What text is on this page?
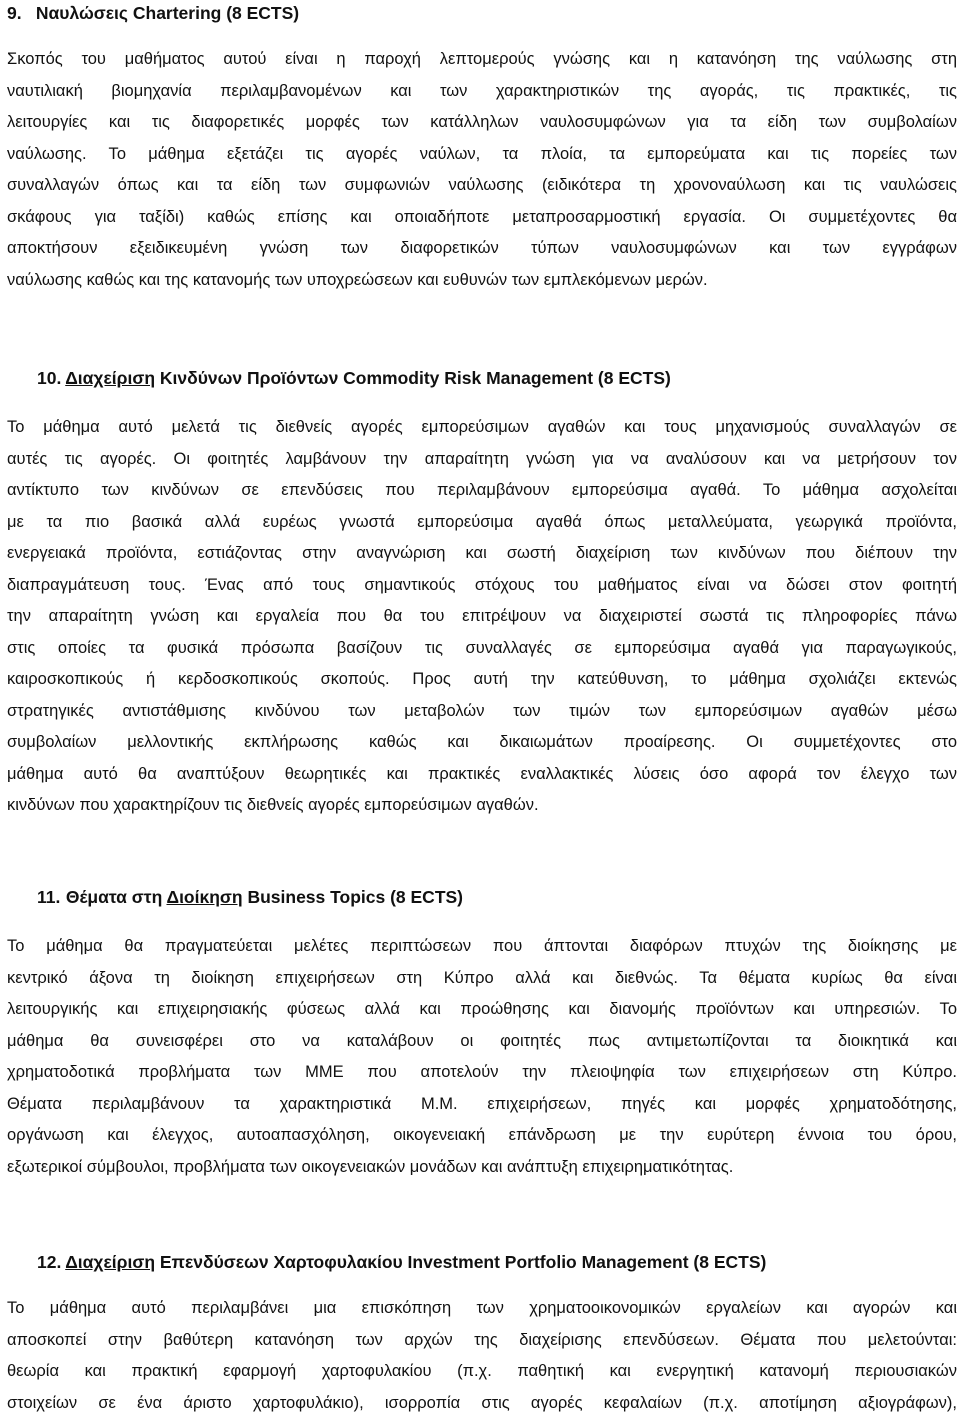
9. Ναυλώσεις Chartering (8 ECTS)
Σκοπός του μαθήματος αυτού είναι η παροχή λεπτομερούς γνώσης και η κατανόηση της ναύλωσης στη
ναυτιλιακή βιομηχανία περιλαμβανομένων και των χαρακτηριστικών της αγοράς, τις πρακτικές, τις
λειτουργίες και τις διαφορετικές μορφές των κατάλληλων ναυλοσυμφώνων για τα είδη των συμβολαίων
ναύλωσης. Το μάθημα εξετάζει τις αγορές ναύλων, τα πλοία, τα εμπορεύματα και τις πορείες των
συναλλαγών όπως και τα είδη των συμφωνιών ναύλωσης (ειδικότερα τη χρονοναύλωση και τις ναυλώσεις
σκάφους για ταξίδι) καθώς επίσης και οποιαδήποτε μεταπροσαρμοστική εργασία. Οι συμμετέχοντες θα
αποκτήσουν εξειδικευμένη γνώση των διαφορετικών τύπων ναυλοσυμφώνων και των εγγράφων
ναύλωσης καθώς και της κατανομής των υποχρεώσεων και ευθυνών των εμπλεκόμενων μερών.
10. Διαχείριση Κινδύνων Προϊόντων Commodity Risk Management (8 ECTS)
Το μάθημα αυτό μελετά τις διεθνείς αγορές εμπορεύσιμων αγαθών και τους μηχανισμούς συναλλαγών σε
αυτές τις αγορές. Οι φοιτητές λαμβάνουν την απαραίτητη γνώση για να αναλύσουν και να μετρήσουν τον
αντίκτυπο των κινδύνων σε επενδύσεις που περιλαμβάνουν εμπορεύσιμα αγαθά. Το μάθημα ασχολείται
με τα πιο βασικά αλλά ευρέως γνωστά εμπορεύσιμα αγαθά όπως μεταλλεύματα, γεωργικά προϊόντα,
ενεργειακά προϊόντα, εστιάζοντας στην αναγνώριση και σωστή διαχείριση των κινδύνων που διέπουν την
διαπραγμάτευση τους. Ένας από τους σημαντικούς στόχους του μαθήματος είναι να δώσει στον φοιτητή
την απαραίτητη γνώση και εργαλεία που θα του επιτρέψουν να διαχειριστεί σωστά τις πληροφορίες πάνω
στις οποίες τα φυσικά πρόσωπα βασίζουν τις συναλλαγές σε εμπορεύσιμα αγαθά για παραγωγικούς,
καιροσκοπικούς ή κερδοσκοπικούς σκοπούς. Προς αυτή την κατεύθυνση, το μάθημα σχολιάζει εκτενώς
στρατηγικές αντιστάθμισης κινδύνου των μεταβολών των τιμών των εμπορεύσιμων αγαθών μέσω
συμβολαίων μελλοντικής εκπλήρωσης καθώς και δικαιωμάτων προαίρεσης. Οι συμμετέχοντες στο
μάθημα αυτό θα αναπτύξουν θεωρητικές και πρακτικές εναλλακτικές λύσεις όσο αφορά τον έλεγχο των
κινδύνων που χαρακτηρίζουν τις διεθνείς αγορές εμπορεύσιμων αγαθών.
11. Θέματα στη Διοίκηση Business Topics (8 ECTS)
Το μάθημα θα πραγματεύεται μελέτες περιπτώσεων που άπτονται διαφόρων πτυχών της διοίκησης με
κεντρικό άξονα τη διοίκηση επιχειρήσεων στη Κύπρο αλλά και διεθνώς. Τα θέματα κυρίως θα είναι
λειτουργικής και επιχειρησιακής φύσεως αλλά και προώθησης και διανομής προϊόντων και υπηρεσιών. Το
μάθημα θα συνεισφέρει στο να καταλάβουν οι φοιτητές πως αντιμετωπίζονται τα διοικητικά και
χρηματοδοτικά προβλήματα των ΜΜΕ που αποτελούν την πλειοψηφία των επιχειρήσεων στη Κύπρο.
Θέματα περιλαμβάνουν τα χαρακτηριστικά Μ.Μ. επιχειρήσεων, πηγές και μορφές χρηματοδότησης,
οργάνωση και έλεγχος, αυτοαπασχόληση, οικογενειακή επάνδρωση με την ευρύτερη έννοια του όρου,
εξωτερικοί σύμβουλοι, προβλήματα των οικογενειακών μονάδων και ανάπτυξη επιχειρηματικότητας.
12. Διαχείριση Επενδύσεων Χαρτοφυλακίου Investment Portfolio Management (8 ECTS)
Το μάθημα αυτό περιλαμβάνει μια επισκόπηση των χρηματοοικονομικών εργαλείων και αγορών και
αποσκοπεί στην βαθύτερη κατανόηση των αρχών της διαχείρισης επενδύσεων. Θέματα που μελετούνται:
θεωρία και πρακτική εφαρμογή χαρτοφυλακίου (π.χ. παθητική και ενεργητική κατανομή περιουσιακών
στοιχείων σε ένα άριστο χαρτοφυλάκιο), ισορροπία στις αγορές κεφαλαίων (π.χ. αποτίμηση αξιογράφων),
